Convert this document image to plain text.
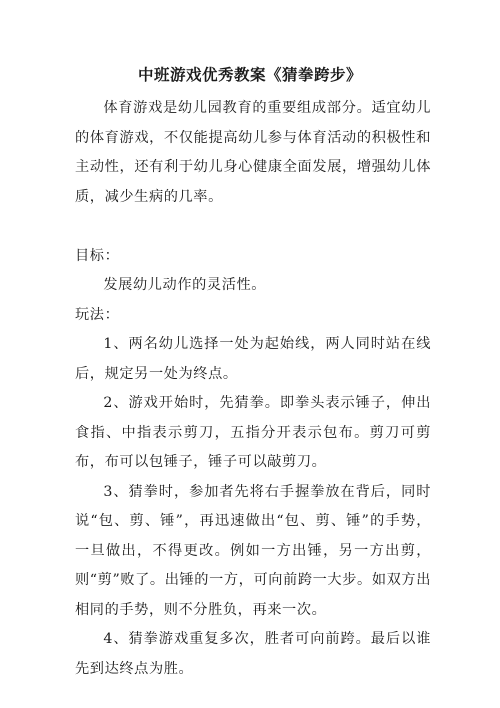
中班游戏优秀教案《猜拳跨步》

体育游戏是幼儿园教育的重要组成部分。适宜幼儿的体育游戏，不仅能提高幼儿参与体育活动的积极性和主动性，还有利于幼儿身心健康全面发展，增强幼儿体质，减少生病的几率。

目标：

发展幼儿动作的灵活性。

玩法：

1、两名幼儿选择一处为起始线，两人同时站在线后，规定另一处为终点。

2、游戏开始时，先猜拳。即拳头表示锤子，伸出食指、中指表示剪刀，五指分开表示包布。剪刀可剪布，布可以包锤子，锤子可以敲剪刀。

3、猜拳时，参加者先将右手握拳放在背后，同时说“包、剪、锤”，再迅速做出“包、剪、锤”的手势，一旦做出，不得更改。例如一方出锤，另一方出剪，则“剪”败了。出锤的一方，可向前跨一大步。如双方出相同的手势，则不分胜负，再来一次。

4、猜拳游戏重复多次，胜者可向前跨。最后以谁先到达终点为胜。
